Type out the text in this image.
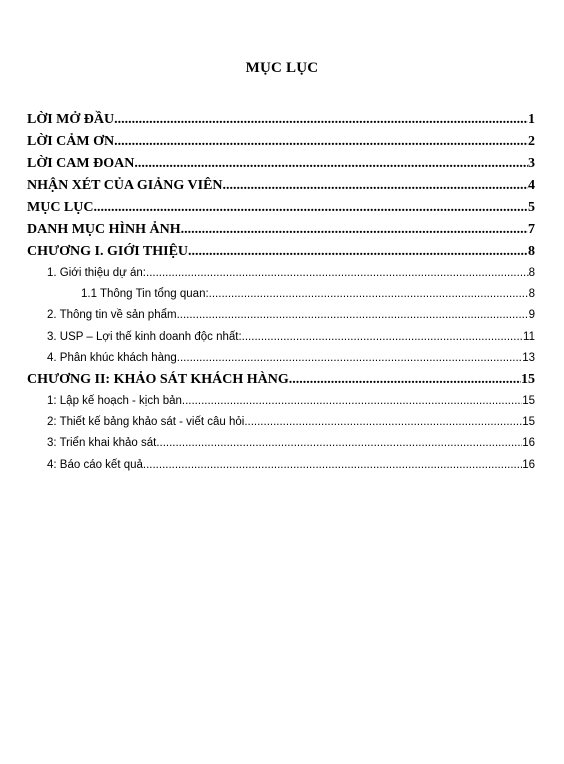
MỤC LỤC
LỜI MỞ ĐẦU .....	1
LỜI CẢM ƠN .....	2
LỜI CAM ĐOAN .....	3
NHẬN XÉT CỦA GIẢNG VIÊN .....	4
MỤC LỤC .....	5
DANH MỤC HÌNH ẢNH .....	7
CHƯƠNG I. GIỚI THIỆU .....	8
1. Giới thiệu dự án: .....	8
1.1 Thông Tin tổng quan: .....	8
2. Thông tin về sản phẩm .....	9
3. USP – Lợi thế kinh doanh độc nhất: .....	11
4. Phân khúc khách hàng .....	13
CHƯƠNG II: KHẢO SÁT KHÁCH HÀNG .....	15
1: Lập kế hoạch - kịch bản .....	15
2: Thiết kế bảng khảo sát - viết câu hỏi .....	15
3: Triển khai khảo sát .....	16
4: Báo cáo kết quả .....	16
